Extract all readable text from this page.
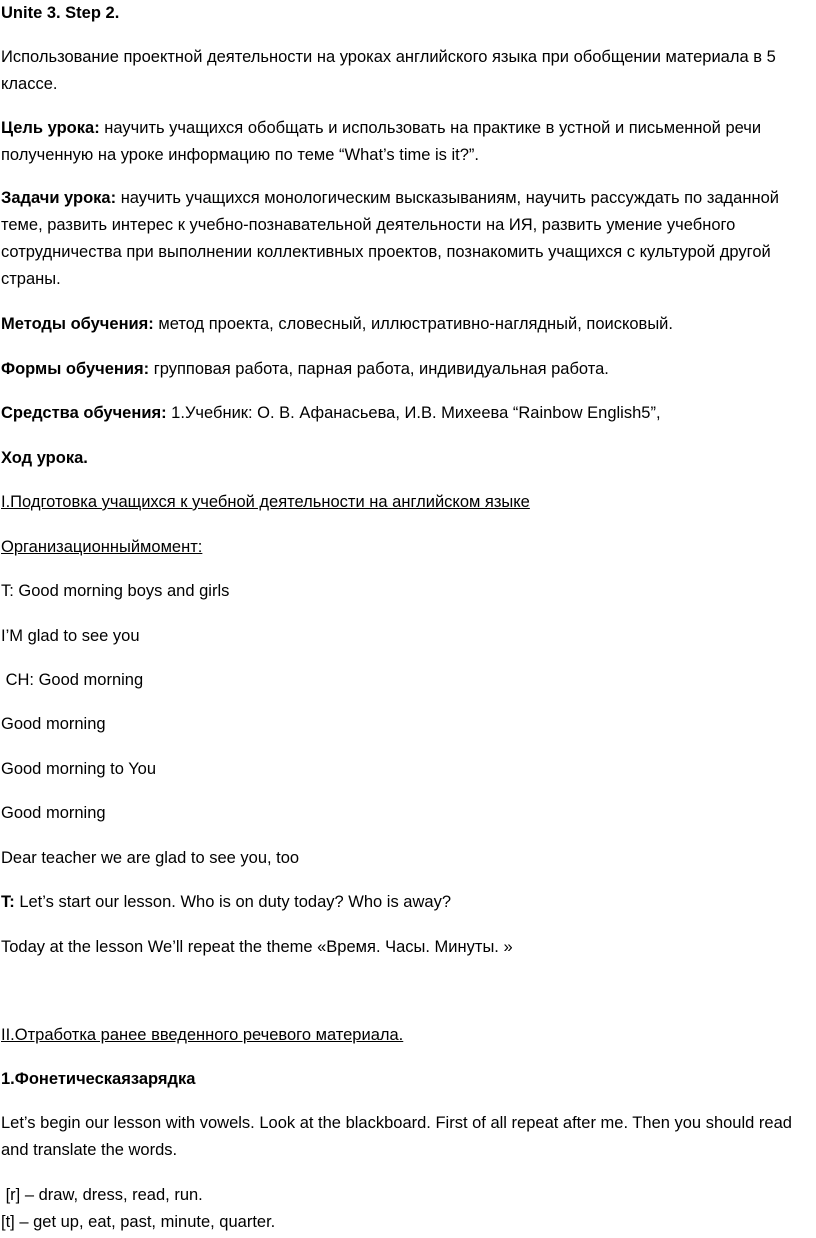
Unite 3. Step 2.

Использование проектной деятельности на уроках английского языка при обобщении материала в 5 классе.

Цель урока: научить учащихся обобщать и использовать на практике в устной и письменной речи полученную на уроке информацию по теме “What’s time is it?”.

Задачи урока: научить учащихся монологическим высказываниям, научить рассуждать по заданной теме, развить интерес к учебно-познавательной деятельности на ИЯ, развить умение учебного сотрудничества при выполнении коллективных проектов, познакомить учащихся с культурой другой страны.

Методы обучения: метод проекта, словесный, иллюстративно-наглядный, поисковый.

Формы обучения: групповая работа, парная работа, индивидуальная работа.

Средства обучения: 1.Учебник: О. В. Афанасьева, И.В. Михеева “Rainbow English5”,

Ход урока.

I.Подготовка учащихся к учебной деятельности на английском языке

Организационныймомент:

T: Good morning boys and girls

I’M glad to see you

CH: Good morning

Good morning

Good morning to You

Good morning

Dear teacher we are glad to see you, too

T: Let’s start our lesson. Who is on duty today? Who is away?

Today at the lesson We’ll repeat the theme «Время. Часы. Минуты. »

II.Отработка ранее введенного речевого материала.

1.Фонетическаязарядка

Let’s begin our lesson with vowels. Look at the blackboard. First of all repeat after me. Then you should read and translate the words.

[r] – draw, dress, read, run.

[t] – get up, eat, past, minute, quarter.
